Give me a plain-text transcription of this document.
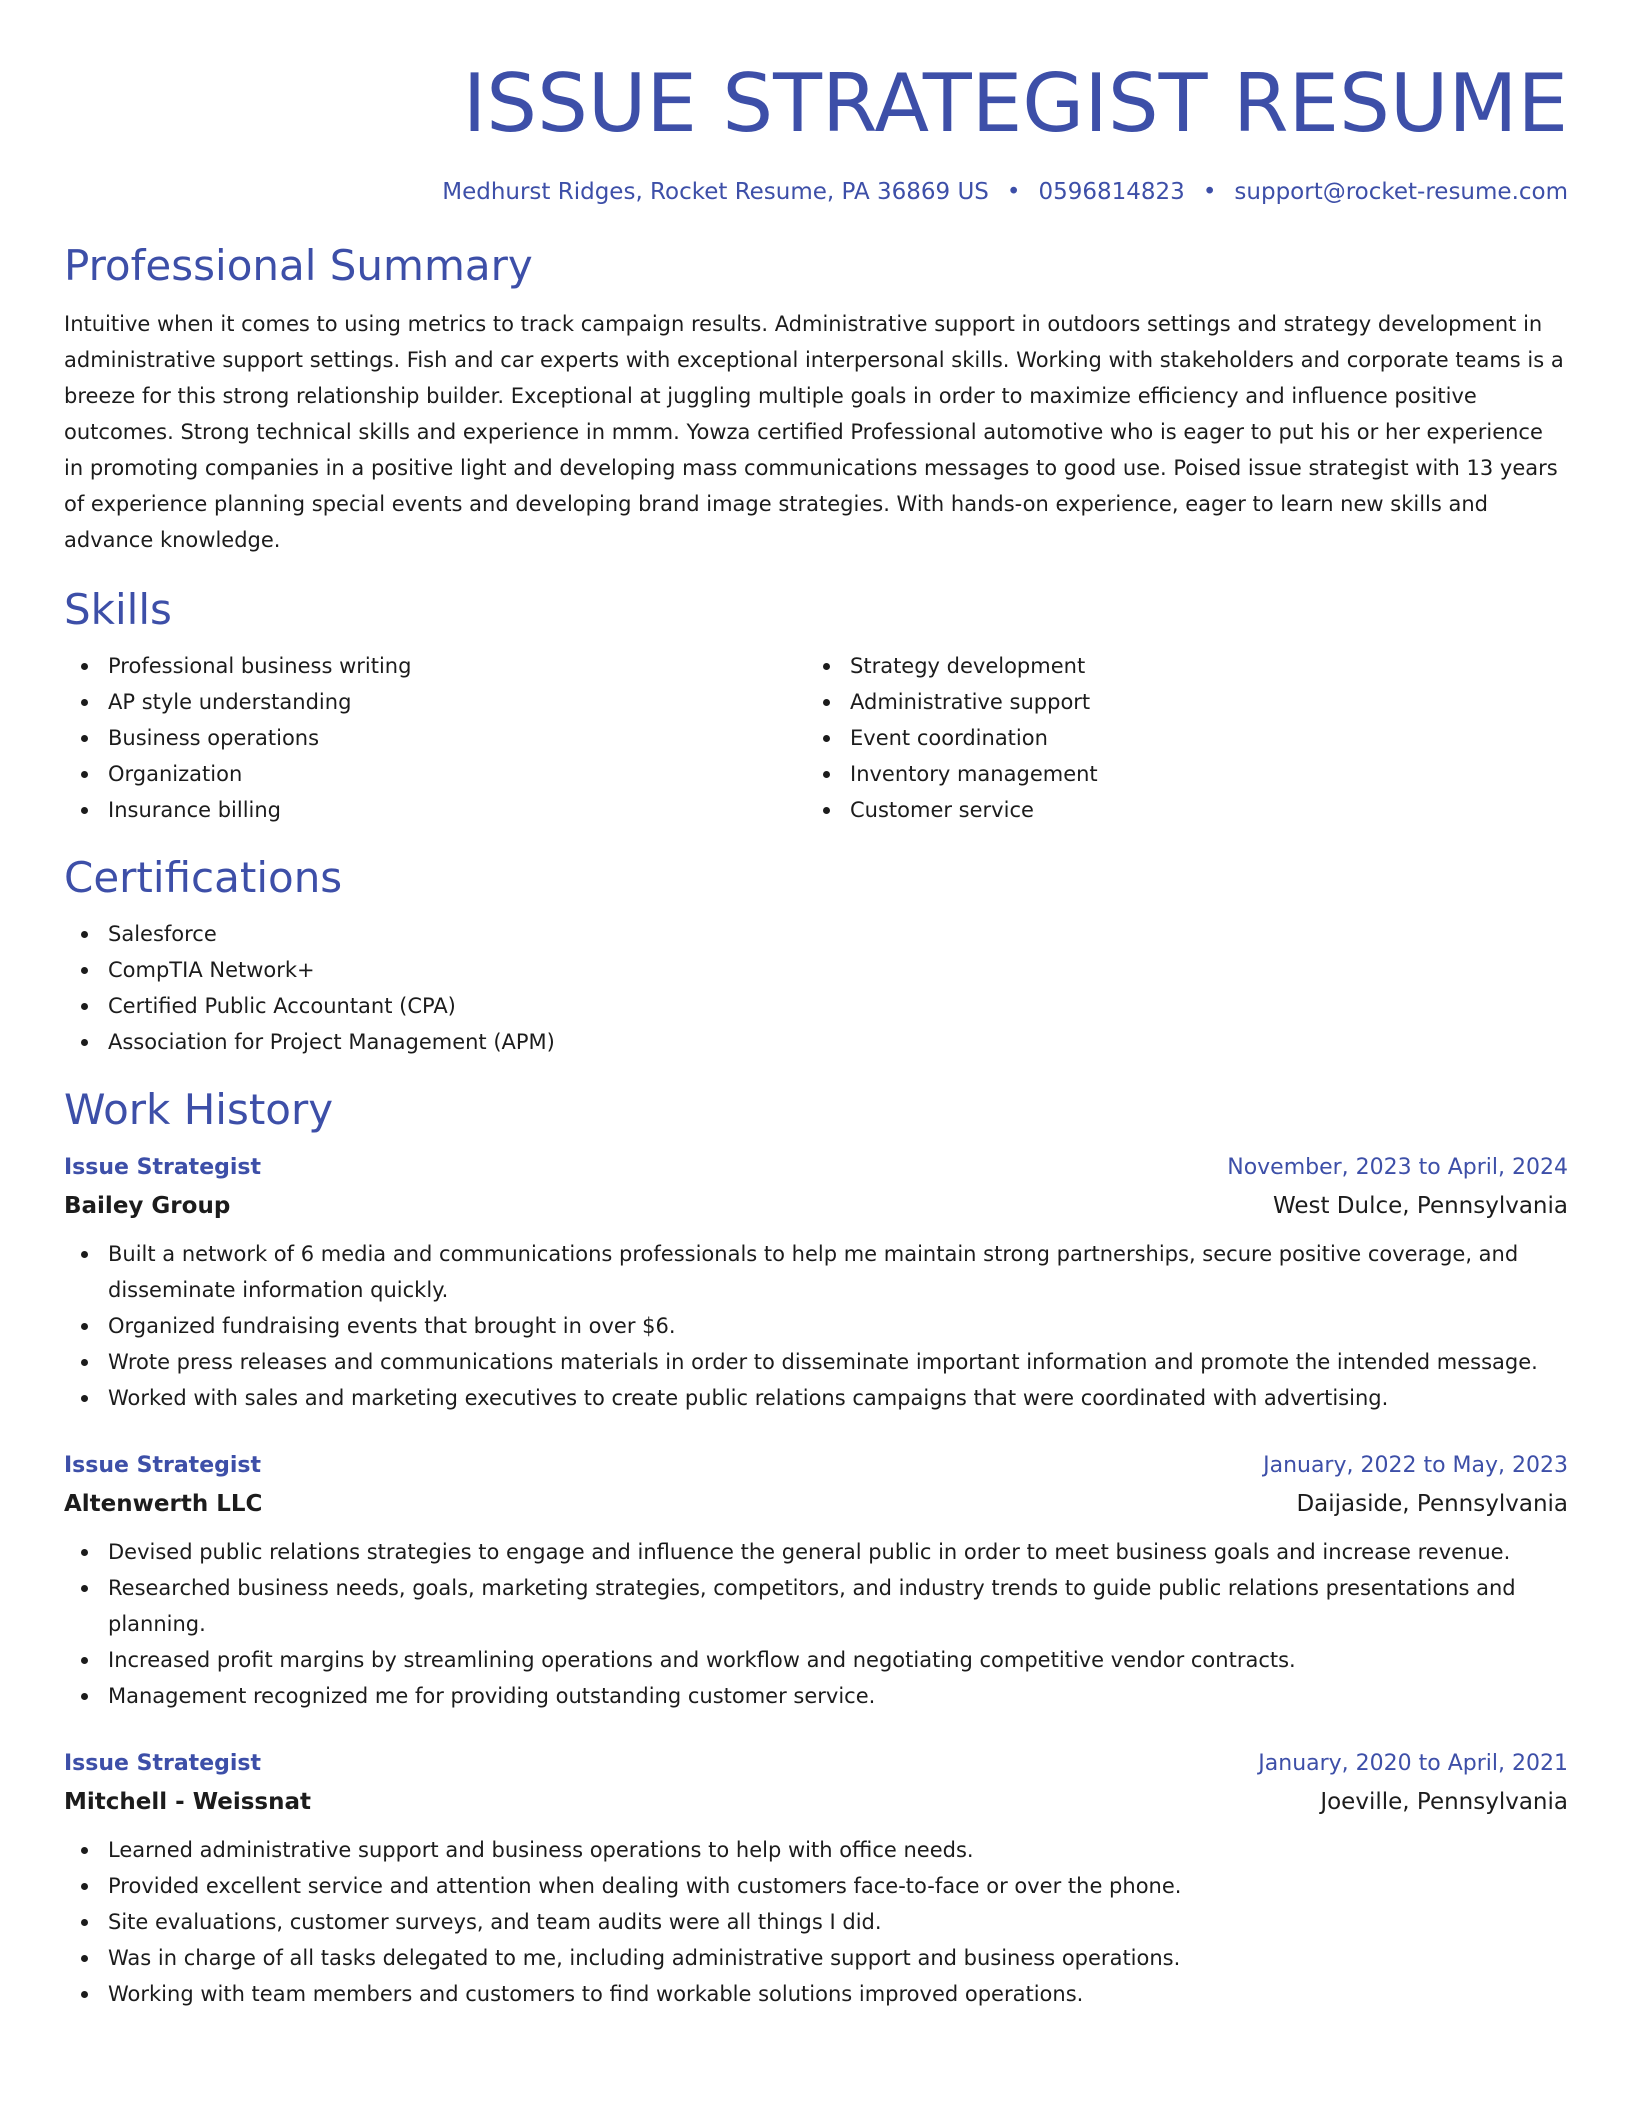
ISSUE STRATEGIST RESUME
Medhurst Ridges, Rocket Resume, PA 36869 US • 0596814823 • support@rocket-resume.com
Professional Summary

Intuitive when it comes to using metrics to track campaign results. Administrative support in outdoors settings and strategy development in administrative support settings. Fish and car experts with exceptional interpersonal skills. Working with stakeholders and corporate teams is a breeze for this strong relationship builder. Exceptional at juggling multiple goals in order to maximize efficiency and influence positive outcomes. Strong technical skills and experience in mmm. Yowza certified Professional automotive who is eager to put his or her experience in promoting companies in a positive light and developing mass communications messages to good use. Poised issue strategist with 13 years of experience planning special events and developing brand image strategies. With hands-on experience, eager to learn new skills and advance knowledge.

Skills
Professional business writing
AP style understanding
Business operations
Organization
Insurance billing
Strategy development
Administrative support
Event coordination
Inventory management
Customer service
Certifications
Salesforce
CompTIA Network+
Certified Public Accountant (CPA)
Association for Project Management (APM)
Work History
Issue Strategist	November, 2023 to April, 2024
Bailey Group	West Dulce, Pennsylvania
Built a network of 6 media and communications professionals to help me maintain strong partnerships, secure positive coverage, and disseminate information quickly.
Organized fundraising events that brought in over $6.
Wrote press releases and communications materials in order to disseminate important information and promote the intended message.
Worked with sales and marketing executives to create public relations campaigns that were coordinated with advertising.
Issue Strategist	January, 2022 to May, 2023
Altenwerth LLC	Daijaside, Pennsylvania
Devised public relations strategies to engage and influence the general public in order to meet business goals and increase revenue.
Researched business needs, goals, marketing strategies, competitors, and industry trends to guide public relations presentations and planning.
Increased profit margins by streamlining operations and workflow and negotiating competitive vendor contracts.
Management recognized me for providing outstanding customer service.
Issue Strategist	January, 2020 to April, 2021
Mitchell - Weissnat	Joeville, Pennsylvania
Learned administrative support and business operations to help with office needs.
Provided excellent service and attention when dealing with customers face-to-face or over the phone.
Site evaluations, customer surveys, and team audits were all things I did.
Was in charge of all tasks delegated to me, including administrative support and business operations.
Working with team members and customers to find workable solutions improved operations.
